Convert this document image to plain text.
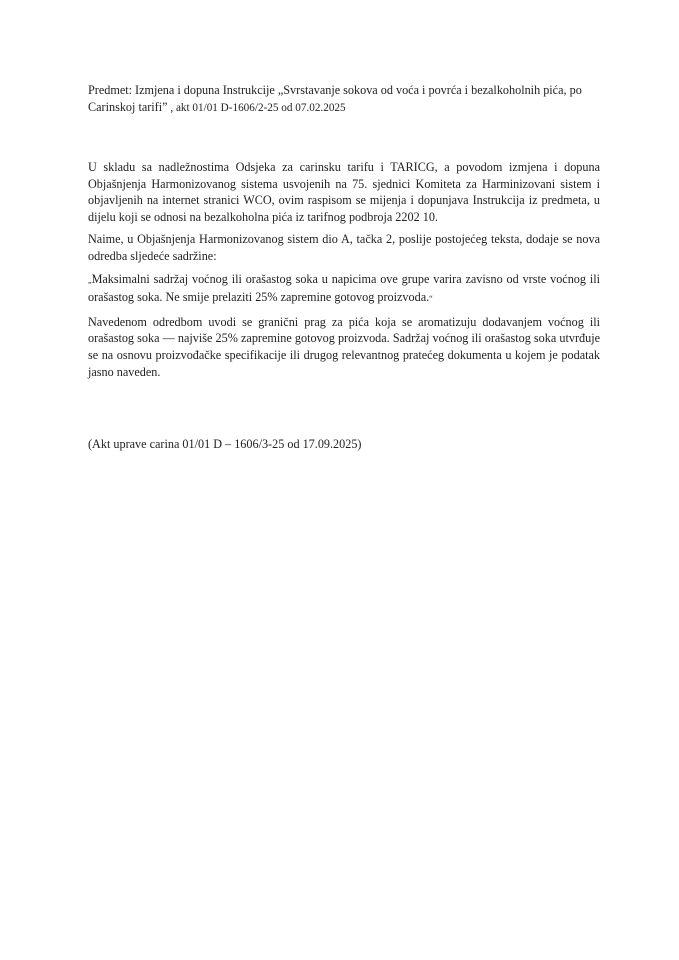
Predmet: Izmjena i dopuna Instrukcije „Svrstavanje sokova od voća i povrća i bezalkoholnih pića, po Carinskoj tarifi” , akt 01/01 D-1606/2-25 od 07.02.2025

U skladu sa nadležnostima Odsjeka za carinsku tarifu i TARICG, a povodom izmjena i dopuna Objašnjenja Harmonizovanog sistema usvojenih na 75. sjednici Komiteta za Harminizovani sistem i objavljenih na internet stranici WCO, ovim raspisom se mijenja i dopunjava Instrukcija iz predmeta, u dijelu koji se odnosi na bezalkoholna pića iz tarifnog podbroja 2202 10.

Naime, u Objašnjenja Harmonizovanog sistem dio A, tačka 2, poslije postojećeg teksta, dodaje se nova odredba sljedeće sadržine:

„Maksimalni sadržaj voćnog ili orašastog soka u napicima ove grupe varira zavisno od vrste voćnog ili orašastog soka. Ne smije prelaziti 25% zapremine gotovog proizvoda.“

Navedenom odredbom uvodi se granični prag za pića koja se aromatizuju dodavanjem voćnog ili orašastog soka — najviše 25% zapremine gotovog proizvoda. Sadržaj voćnog ili orašastog soka utvrđuje se na osnovu proizvođačke specifikacije ili drugog relevantnog pratećeg dokumenta u kojem je podatak jasno naveden.

(Akt uprave carina 01/01 D – 1606/3-25 od 17.09.2025)
